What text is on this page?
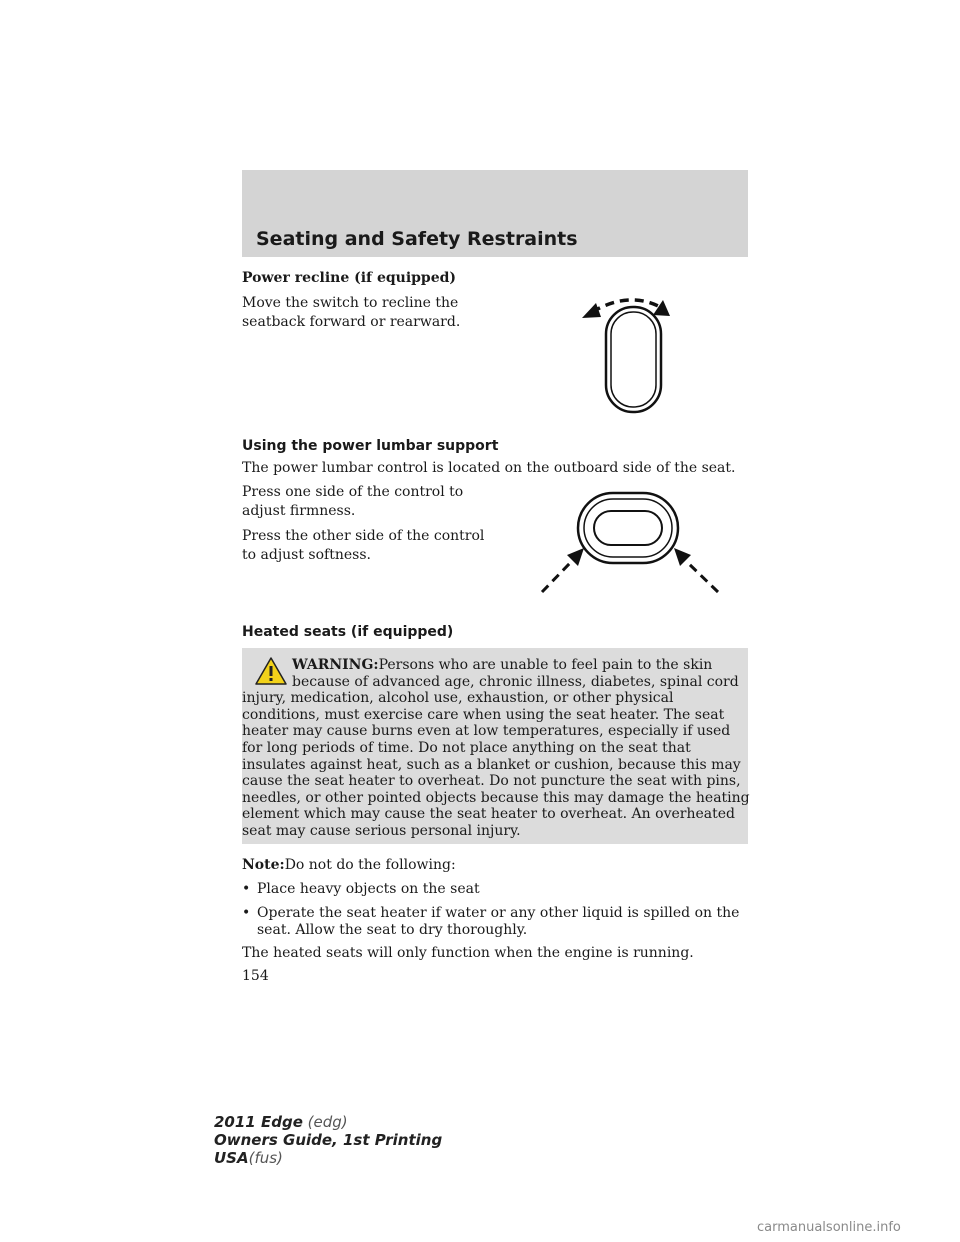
Seating and Safety Restraints
Power recline (if equipped)
Move the switch to recline the
seatback forward or rearward.
Using the power lumbar support
The power lumbar control is located on the outboard side of the seat.
Press one side of the control to
adjust firmness.
Press the other side of the control
to adjust softness.
Heated seats (if equipped)
WARNING:Persons who are unable to feel pain to the skin
because of advanced age, chronic illness, diabetes, spinal cord
injury, medication, alcohol use, exhaustion, or other physical
conditions, must exercise care when using the seat heater. The seat
heater may cause burns even at low temperatures, especially if used
for long periods of time. Do not place anything on the seat that
insulates against heat, such as a blanket or cushion, because this may
cause the seat heater to overheat. Do not puncture the seat with pins,
needles, or other pointed objects because this may damage the heating
element which may cause the seat heater to overheat. An overheated
seat may cause serious personal injury.
Note:Do not do the following:
• Place heavy objects on the seat
• Operate the seat heater if water or any other liquid is spilled on the
seat. Allow the seat to dry thoroughly.
The heated seats will only function when the engine is running.
154
2011 Edge (edg)
Owners Guide, 1st Printing
USA(fus)
carmanualsonline.info
